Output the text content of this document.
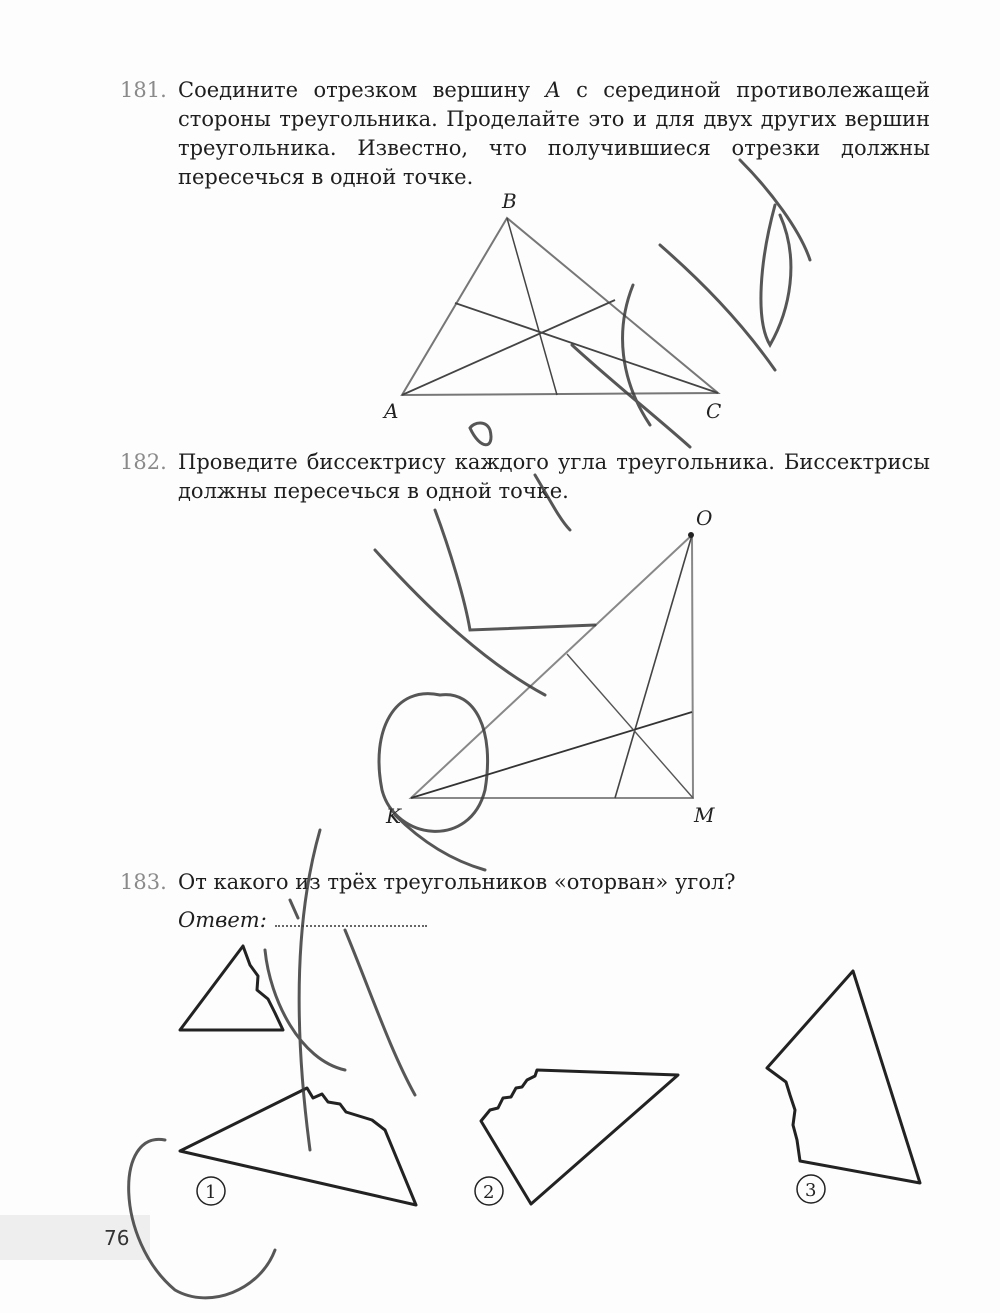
181. Соедините отрезком вершину A с серединой противолежащей стороны треугольника. Проделайте это и для двух других вершин треугольника. Известно, что получившиеся отрезки должны пересечься в одной точке.
182. Проведите биссектрису каждого угла треугольника. Биссектрисы должны пересечься в одной точке.
183. От какого из трёх треугольников «оторван» угол?
Ответ:
76
B
A	C
O
K	M
1	2	3
